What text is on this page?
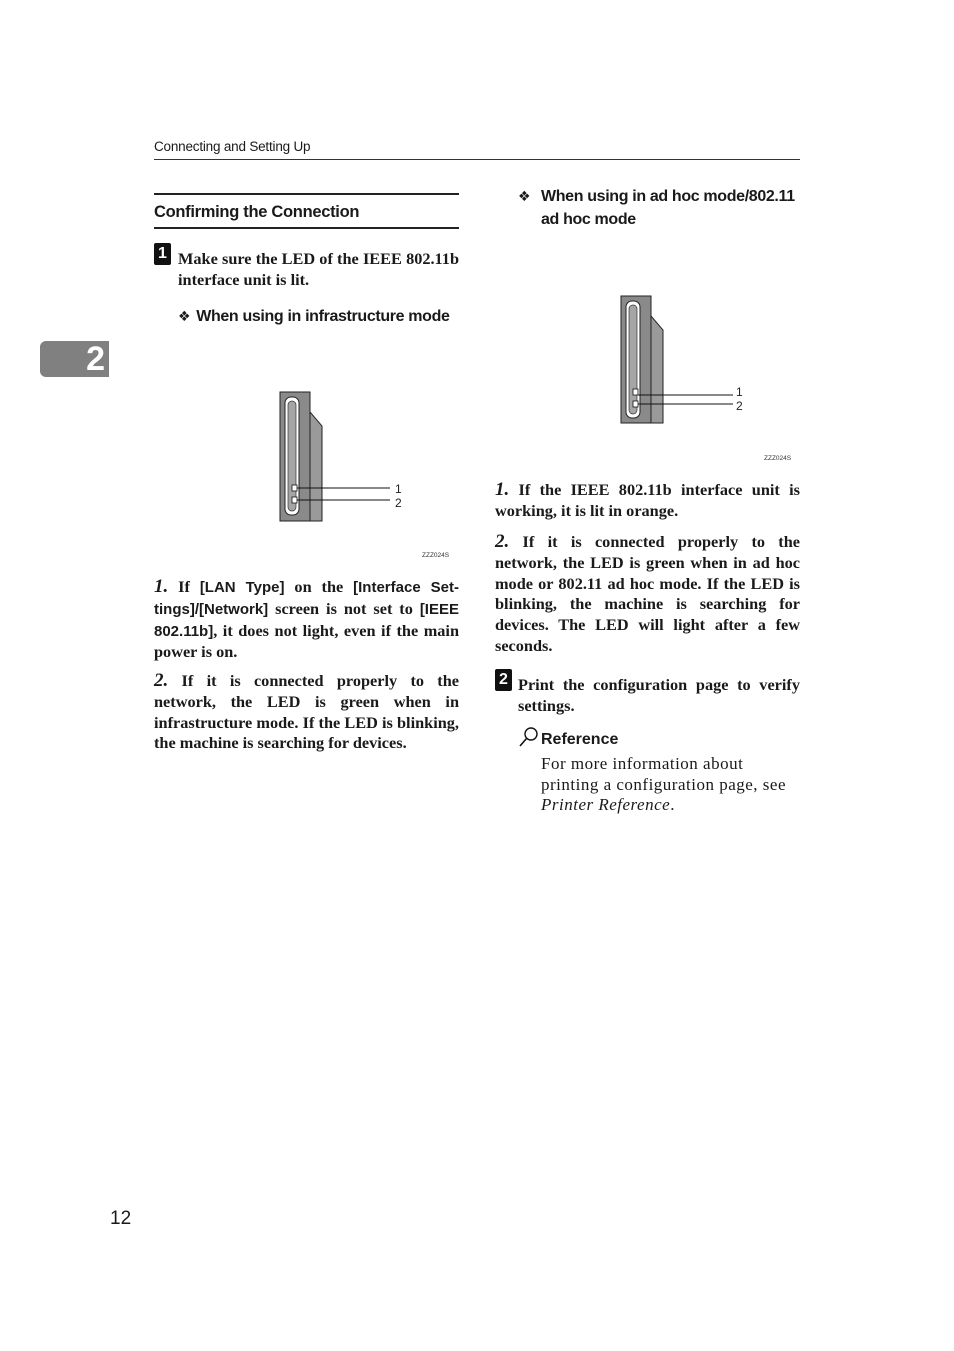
Connecting and Setting Up
2
Confirming the Connection
1 Make sure the LED of the IEEE 802.11b interface unit is lit.
❖ When using in infrastructure mode
1
2
ZZZ024S
1. If [LAN Type] on the [Interface Set-tings]/[Network] screen is not set to [IEEE 802.11b], it does not light, even if the main power is on.
2. If it is connected properly to the network, the LED is green when in infrastructure mode. If the LED is blinking, the machine is searching for devices.
❖ When using in ad hoc mode/802.11 ad hoc mode
1
2
ZZZ024S
1. If the IEEE 802.11b interface unit is working, it is lit in orange.
2. If it is connected properly to the network, the LED is green when in ad hoc mode or 802.11 ad hoc mode. If the LED is blinking, the machine is searching for devices. The LED will light after a few seconds.
2 Print the configuration page to verify settings.
Reference
For more information about printing a configuration page, see Printer Reference.
12
